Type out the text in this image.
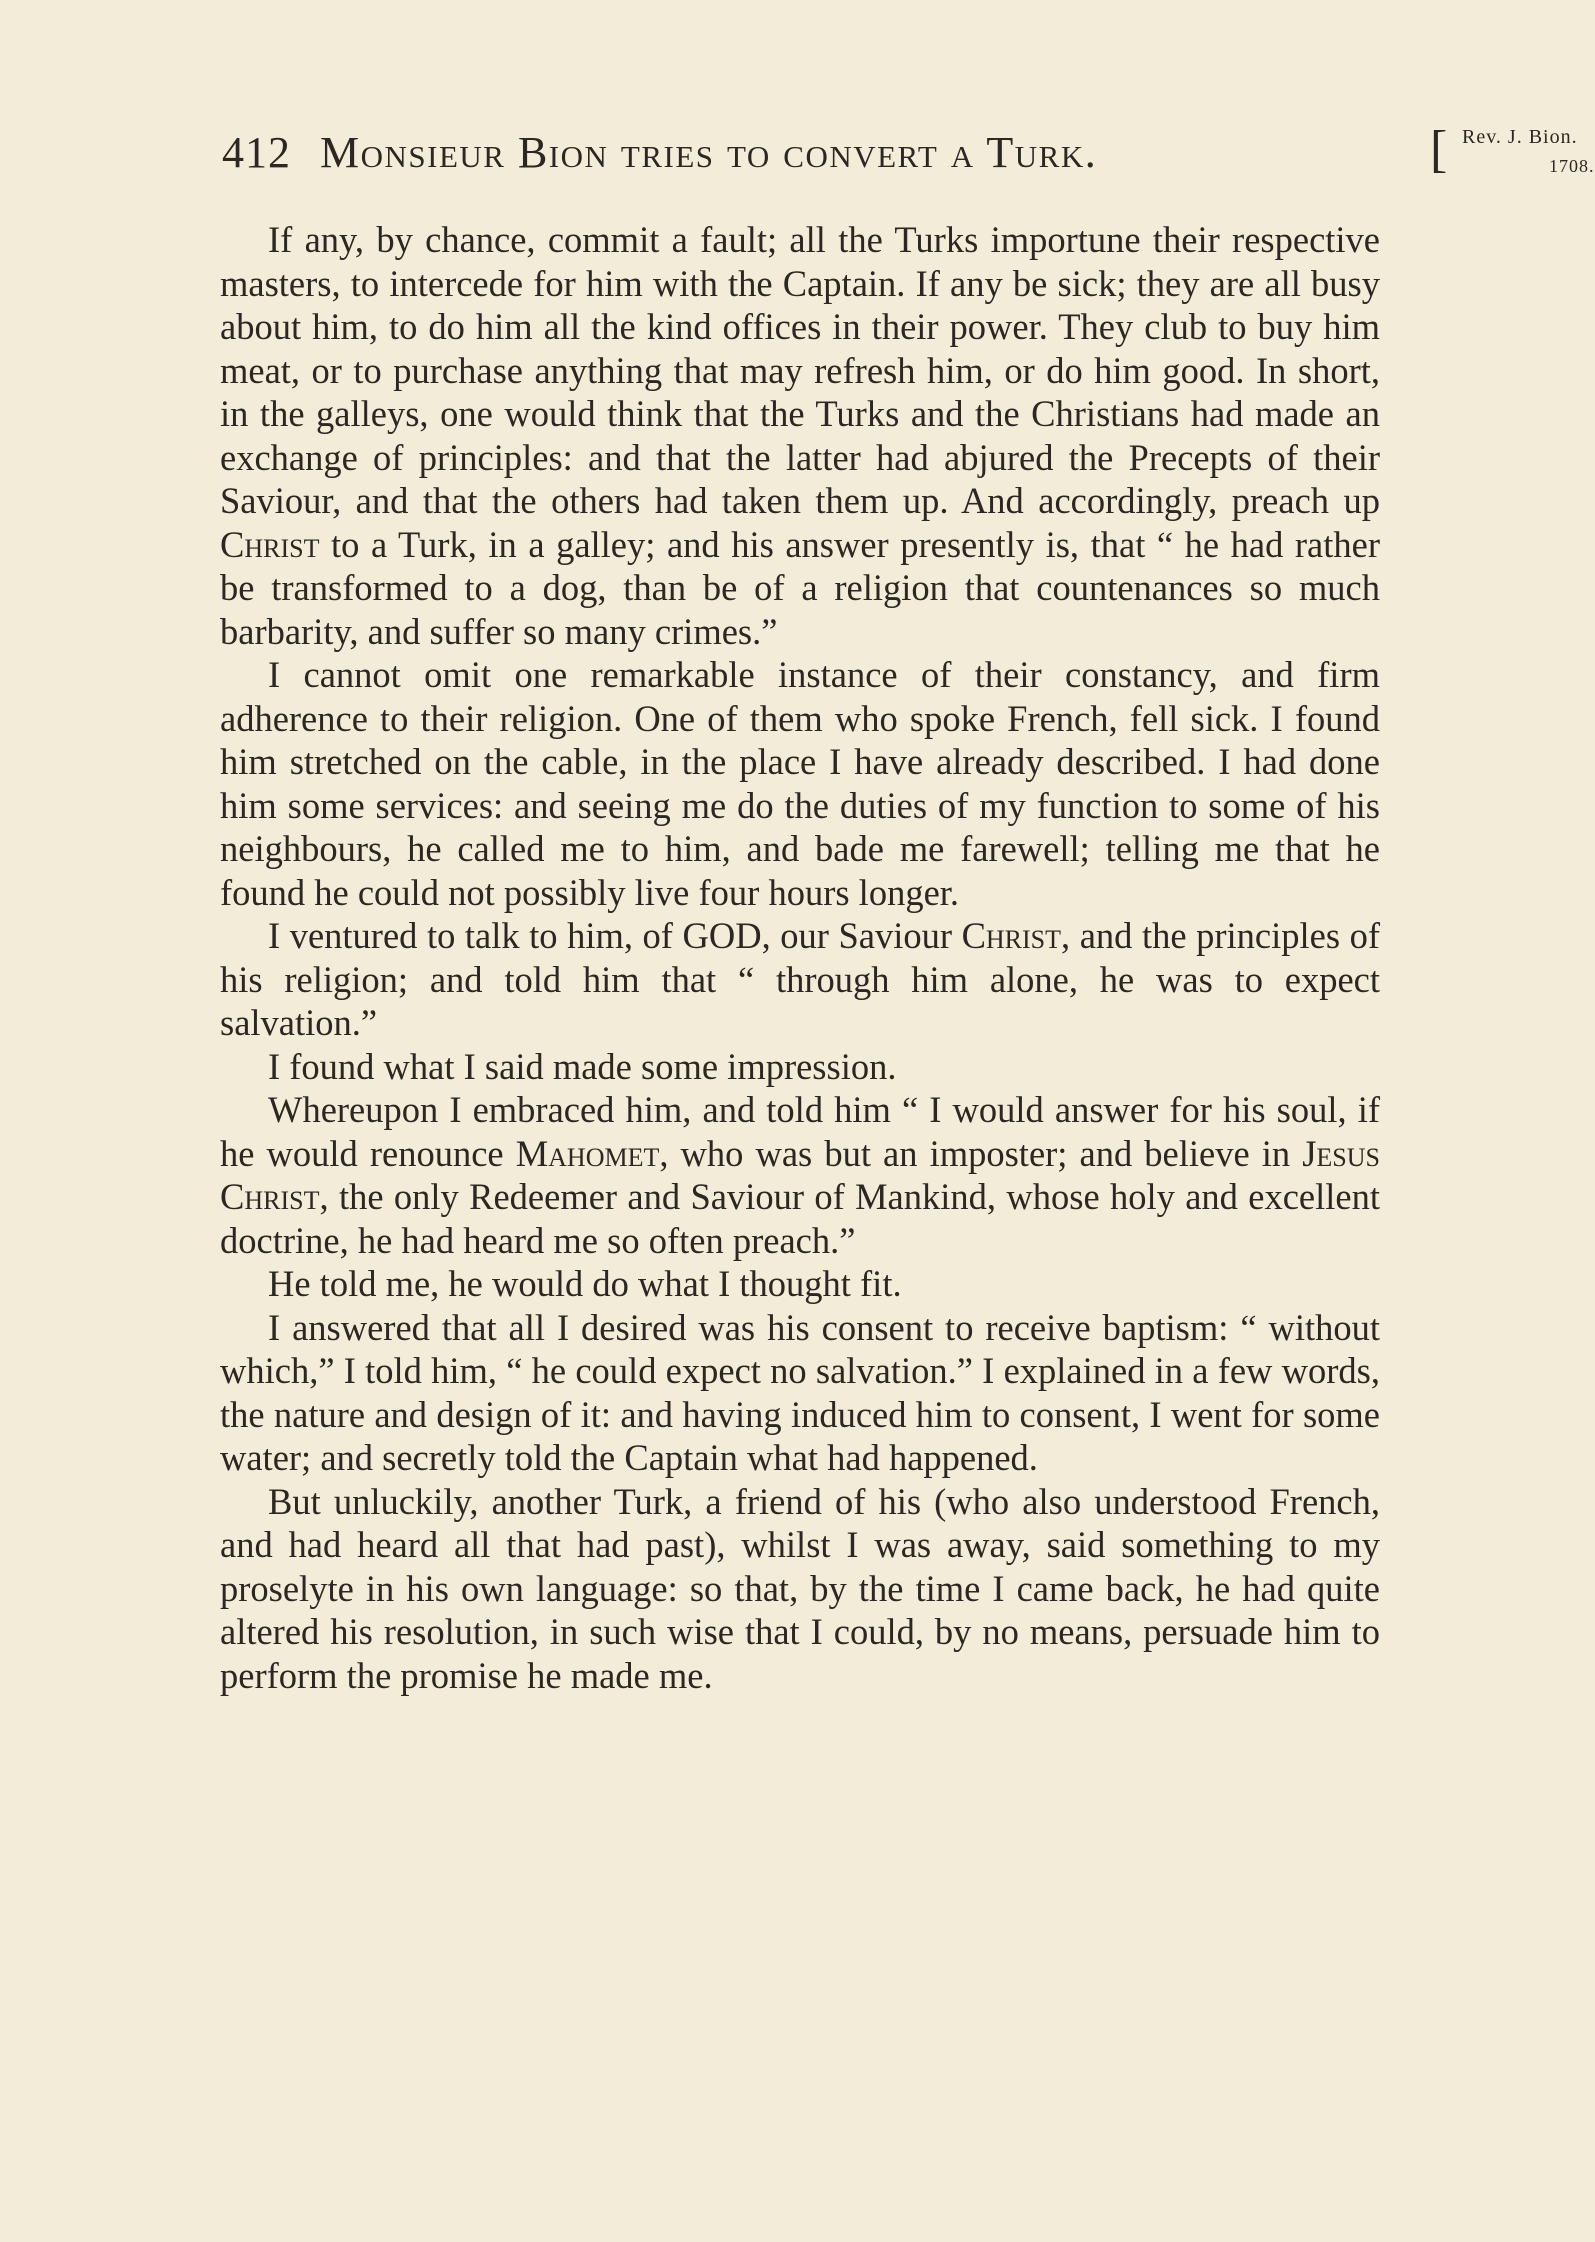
412 Monsieur Bion tries to convert a Turk.	[ Rev. J. Bion.
1708.

If any, by chance, commit a fault; all the Turks importune their respective masters, to intercede for him with the Captain. If any be sick; they are all busy about him, to do him all the kind offices in their power. They club to buy him meat, or to purchase anything that may refresh him, or do him good. In short, in the galleys, one would think that the Turks and the Christians had made an exchange of principles: and that the latter had abjured the Precepts of their Saviour, and that the others had taken them up. And accordingly, preach up Christ to a Turk, in a galley; and his answer presently is, that “ he had rather be transformed to a dog, than be of a religion that countenances so much barbarity, and suffer so many crimes.”

I cannot omit one remarkable instance of their constancy, and firm adherence to their religion. One of them who spoke French, fell sick. I found him stretched on the cable, in the place I have already described. I had done him some services: and seeing me do the duties of my function to some of his neighbours, he called me to him, and bade me farewell; telling me that he found he could not possibly live four hours longer.

I ventured to talk to him, of GOD, our Saviour Christ, and the principles of his religion; and told him that “ through him alone, he was to expect salvation.”

I found what I said made some impression.

Whereupon I embraced him, and told him “ I would answer for his soul, if he would renounce Mahomet, who was but an imposter; and believe in Jesus Christ, the only Redeemer and Saviour of Mankind, whose holy and excellent doctrine, he had heard me so often preach.”

He told me, he would do what I thought fit.

I answered that all I desired was his consent to receive baptism: “ without which,” I told him, “ he could expect no salvation.” I explained in a few words, the nature and design of it: and having induced him to consent, I went for some water; and secretly told the Captain what had happened.

But unluckily, another Turk, a friend of his (who also understood French, and had heard all that had past), whilst I was away, said something to my proselyte in his own language: so that, by the time I came back, he had quite altered his resolution, in such wise that I could, by no means, persuade him to perform the promise he made me.
